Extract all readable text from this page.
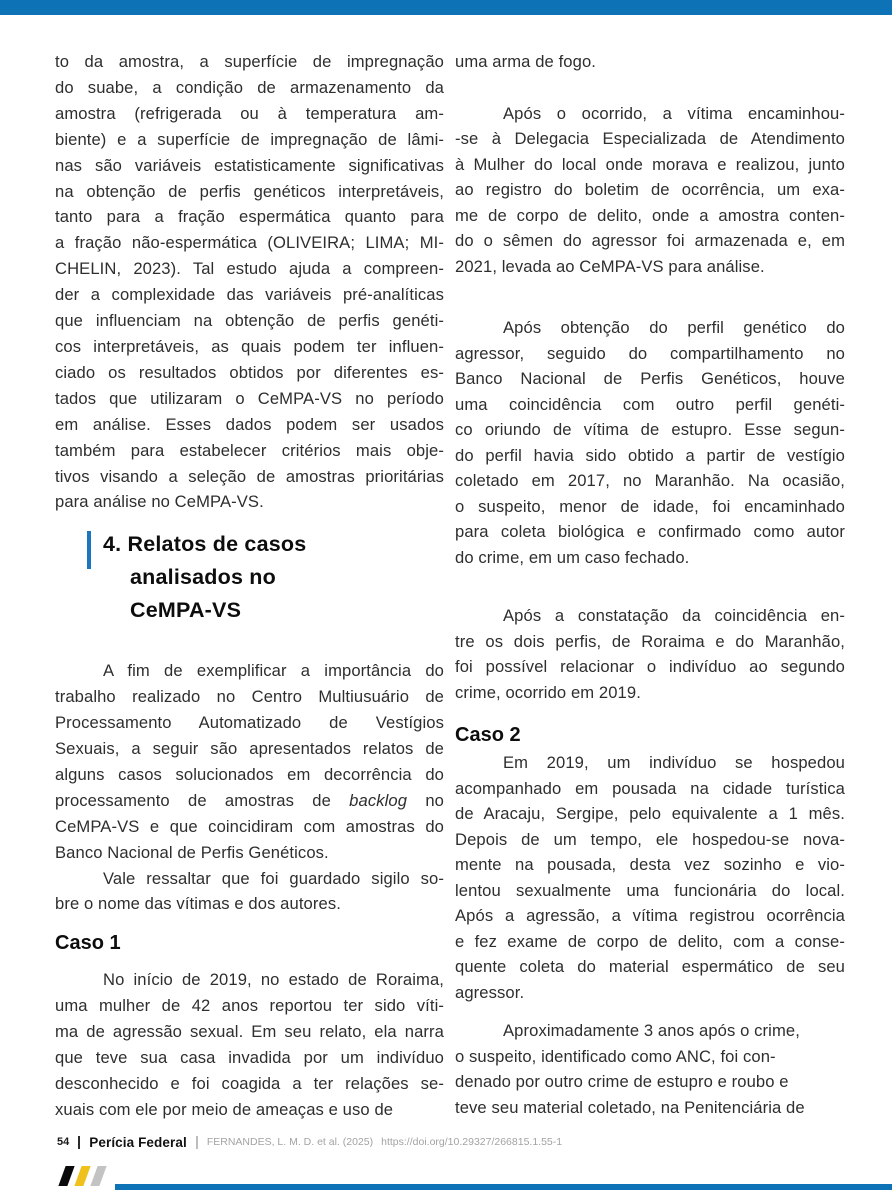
to da amostra, a superfície de impregnação
do suabe, a condição de armazenamento da
amostra (refrigerada ou à temperatura am-
biente) e a superfície de impregnação de lâmi-
nas são variáveis estatisticamente significativas
na obtenção de perfis genéticos interpretáveis,
tanto para a fração espermática quanto para
a fração não-espermática (OLIVEIRA; LIMA; MI-
CHELIN, 2023). Tal estudo ajuda a compreen-
der a complexidade das variáveis pré-analíticas
que influenciam na obtenção de perfis genéti-
cos interpretáveis, as quais podem ter influen-
ciado os resultados obtidos por diferentes es-
tados que utilizaram o CeMPA-VS no período
em análise. Esses dados podem ser usados
também para estabelecer critérios mais obje-
tivos visando a seleção de amostras prioritárias
para análise no CeMPA-VS.
4. Relatos de casos
analisados no
CeMPA-VS
A fim de exemplificar a importância do
trabalho realizado no Centro Multiusuário de
Processamento Automatizado de Vestígios
Sexuais, a seguir são apresentados relatos de
alguns casos solucionados em decorrência do
processamento de amostras de backlog no
CeMPA-VS e que coincidiram com amostras do
Banco Nacional de Perfis Genéticos.
Vale ressaltar que foi guardado sigilo so-
bre o nome das vítimas e dos autores.
Caso 1
No início de 2019, no estado de Roraima,
uma mulher de 42 anos reportou ter sido víti-
ma de agressão sexual. Em seu relato, ela narra
que teve sua casa invadida por um indivíduo
desconhecido e foi coagida a ter relações se-
xuais com ele por meio de ameaças e uso de
uma arma de fogo.
Após o ocorrido, a vítima encaminhou-
-se à Delegacia Especializada de Atendimento
à Mulher do local onde morava e realizou, junto
ao registro do boletim de ocorrência, um exa-
me de corpo de delito, onde a amostra conten-
do o sêmen do agressor foi armazenada e, em
2021, levada ao CeMPA-VS para análise.
Após obtenção do perfil genético do
agressor, seguido do compartilhamento no
Banco Nacional de Perfis Genéticos, houve
uma coincidência com outro perfil genéti-
co oriundo de vítima de estupro. Esse segun-
do perfil havia sido obtido a partir de vestígio
coletado em 2017, no Maranhão. Na ocasião,
o suspeito, menor de idade, foi encaminhado
para coleta biológica e confirmado como autor
do crime, em um caso fechado.
Após a constatação da coincidência en-
tre os dois perfis, de Roraima e do Maranhão,
foi possível relacionar o indivíduo ao segundo
crime, ocorrido em 2019.
Caso 2
Em 2019, um indivíduo se hospedou
acompanhado em pousada na cidade turística
de Aracaju, Sergipe, pelo equivalente a 1 mês.
Depois de um tempo, ele hospedou-se nova-
mente na pousada, desta vez sozinho e vio-
lentou sexualmente uma funcionária do local.
Após a agressão, a vítima registrou ocorrência
e fez exame de corpo de delito, com a conse-
quente coleta do material espermático de seu
agressor.
Aproximadamente 3 anos após o crime,
o suspeito, identificado como ANC, foi con-
denado por outro crime de estupro e roubo e
teve seu material coletado, na Penitenciária de
54 Perícia Federal FERNANDES, L. M. D. et al. (2025) https://doi.org/10.29327/266815.1.55-1
